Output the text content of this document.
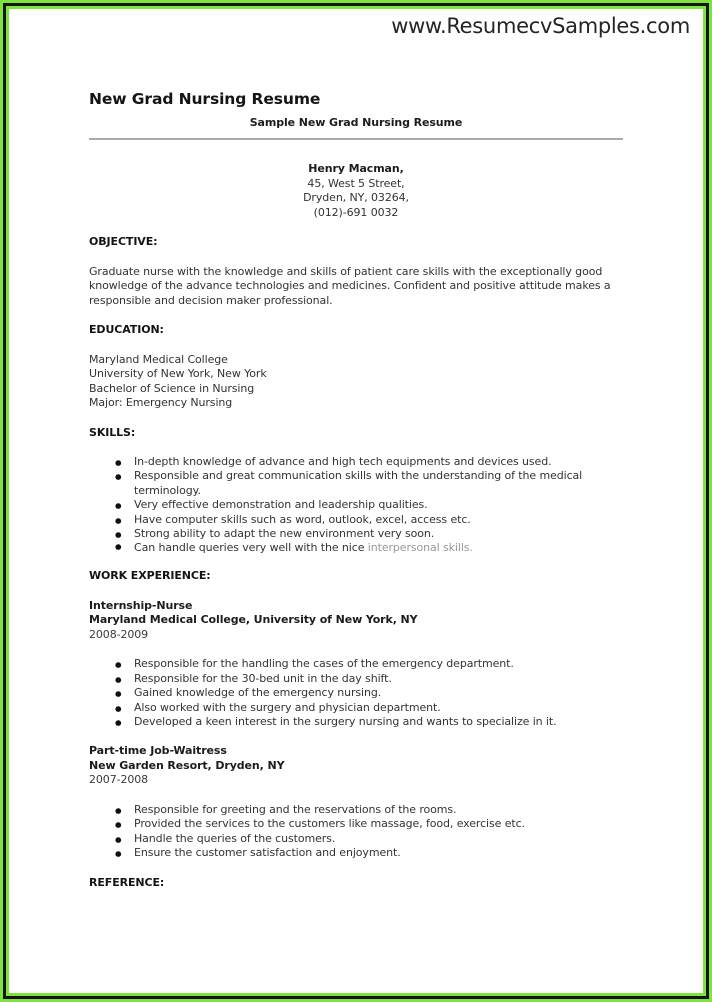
www.ResumecvSamples.com
New Grad Nursing Resume
Sample New Grad Nursing Resume
Henry Macman,
45, West 5 Street,
Dryden, NY, 03264,
(012)-691 0032
OBJECTIVE:

Graduate nurse with the knowledge and skills of patient care skills with the exceptionally good knowledge of the advance technologies and medicines. Confident and positive attitude makes a responsible and decision maker professional.

EDUCATION:
Maryland Medical College
University of New York, New York
Bachelor of Science in Nursing
Major: Emergency Nursing
SKILLS:
● In-depth knowledge of advance and high tech equipments and devices used.
● Responsible and great communication skills with the understanding of the medical terminology.
● Very effective demonstration and leadership qualities.
● Have computer skills such as word, outlook, excel, access etc.
● Strong ability to adapt the new environment very soon.
● Can handle queries very well with the nice interpersonal skills.
WORK EXPERIENCE:
Internship-Nurse
Maryland Medical College, University of New York, NY
2008-2009
● Responsible for the handling the cases of the emergency department.
● Responsible for the 30-bed unit in the day shift.
● Gained knowledge of the emergency nursing.
● Also worked with the surgery and physician department.
● Developed a keen interest in the surgery nursing and wants to specialize in it.
Part-time Job-Waitress
New Garden Resort, Dryden, NY
2007-2008
● Responsible for greeting and the reservations of the rooms.
● Provided the services to the customers like massage, food, exercise etc.
● Handle the queries of the customers.
● Ensure the customer satisfaction and enjoyment.
REFERENCE:
